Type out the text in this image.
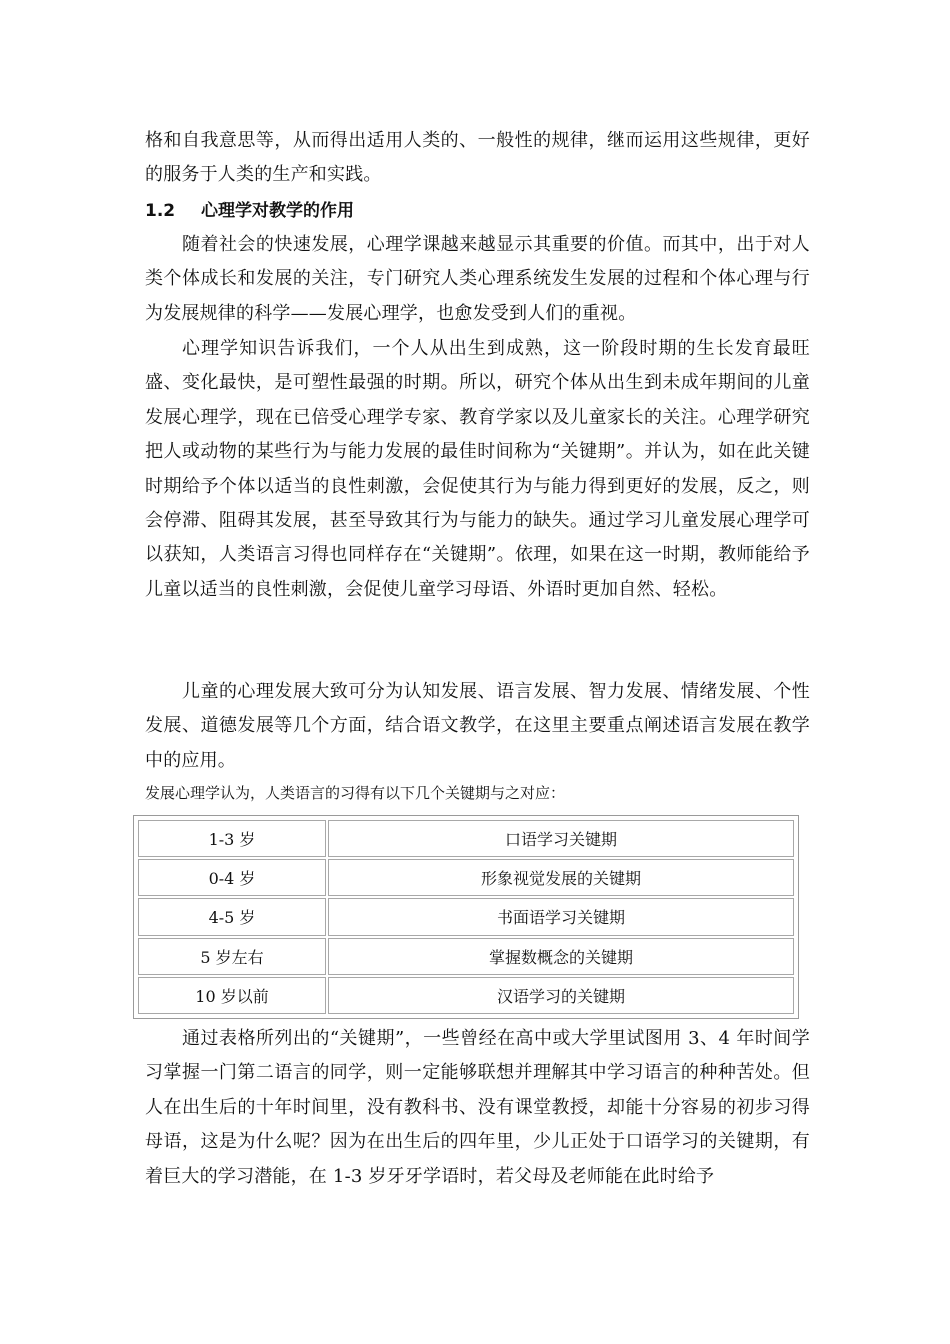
格和自我意思等，从而得出适用人类的、一般性的规律，继而运用这些规律，更好的服务于人类的生产和实践。

1.2 心理学对教学的作用

随着社会的快速发展，心理学课越来越显示其重要的价值。而其中，出于对人类个体成长和发展的关注，专门研究人类心理系统发生发展的过程和个体心理与行为发展规律的科学——发展心理学，也愈发受到人们的重视。

心理学知识告诉我们，一个人从出生到成熟，这一阶段时期的生长发育最旺盛、变化最快，是可塑性最强的时期。所以，研究个体从出生到未成年期间的儿童发展心理学，现在已倍受心理学专家、教育学家以及儿童家长的关注。心理学研究把人或动物的某些行为与能力发展的最佳时间称为“关键期”。并认为，如在此关键时期给予个体以适当的良性刺激，会促使其行为与能力得到更好的发展，反之，则会停滞、阻碍其发展，甚至导致其行为与能力的缺失。通过学习儿童发展心理学可以获知，人类语言习得也同样存在“关键期”。依理，如果在这一时期，教师能给予儿童以适当的良性刺激，会促使儿童学习母语、外语时更加自然、轻松。

儿童的心理发展大致可分为认知发展、语言发展、智力发展、情绪发展、个性发展、道德发展等几个方面，结合语文教学，在这里主要重点阐述语言发展在教学中的应用。

发展心理学认为，人类语言的习得有以下几个关键期与之对应：
1-3 岁	口语学习关键期
0-4 岁	形象视觉发展的关键期
4-5 岁	书面语学习关键期
5 岁左右	掌握数概念的关键期
10 岁以前	汉语学习的关键期

通过表格所列出的“关键期”，一些曾经在高中或大学里试图用 3、4 年时间学习掌握一门第二语言的同学，则一定能够联想并理解其中学习语言的种种苦处。但人在出生后的十年时间里，没有教科书、没有课堂教授，却能十分容易的初步习得母语，这是为什么呢？因为在出生后的四年里，少儿正处于口语学习的关键期，有着巨大的学习潜能，在 1-3 岁牙牙学语时，若父母及老师能在此时给予
